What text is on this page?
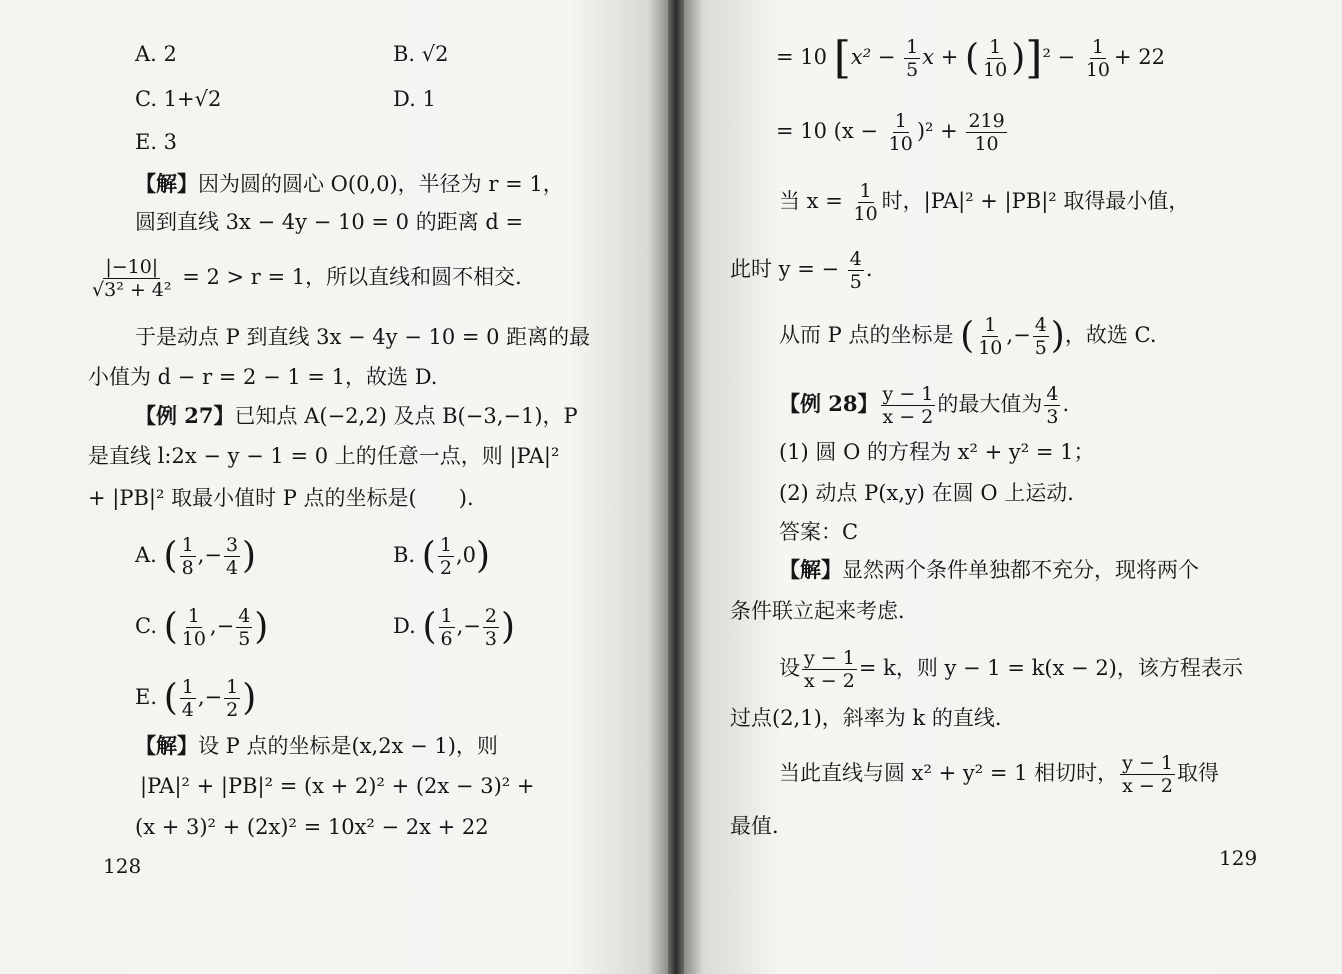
A. 2	B. √2
C. 1+√2	D. 1
E. 3
【解】因为圆的圆心 O(0,0)，半径为 r = 1，
圆到直线 3x − 4y − 10 = 0 的距离 d =
$\frac{|-10|}{\text{√3² + 4²}} = 2 > r = 1$，所以直线和圆不相交．
于是动点 P 到直线 3x − 4y − 10 = 0 距离的最
小值为 d − r = 2 − 1 = 1，故选 D.
【例 27】已知点 A(−2,2) 及点 B(−3,−1)，P
是直线 l:2x − y − 1 = 0 上的任意一点，则 |PA|²
+ |PB|² 取最小值时 P 点的坐标是(　　).
A. ( $\frac{1}{8}$ ,− $\frac{3}{4}$ )	B. ( $\frac{1}{2} ,0$)
C. ( $\frac{1}{10}$ ,− $\frac{4}{5}$ )	D. ( $\frac{1}{6}$ ,− $\frac{2}{3}$ )
E. ( $\frac{1}{4}$ ,− $\frac{1}{2}$ )
【解】设 P 点的坐标是(x,2x − 1)，则
|PA|² + |PB|² = (x + 2)² + (2x − 3)² +
(x + 3)² + (2x)² = 10x² − 2x + 22
128
= 10 [$x^2 - \frac{1}{5}$ x + ( $\frac{1}{10} )]^2 - \frac{1}{10} + 22$
= 10 $(x - \frac{1}{10} )^2 + \frac{219}{10}$
当 $x = \frac{1}{10}$ 时，|PA|² + |PB|² 取得最小值，
此时 y = − $\frac{4}{5}$ .
从而 P 点的坐标是 ( $\frac{1}{10}$ ,− $\frac{4}{5}$ )，故选 C.
【例 28】 $\frac{y - 1}{x - 2}$ 的最大值为 $\frac{4}{3}$ .
(1) 圆 O 的方程为 x² + y² = 1；
(2) 动点 P(x,y) 在圆 O 上运动．
答案：C
【解】显然两个条件单独都不充分，现将两个
条件联立起来考虑．
设 $\frac{y - 1}{x - 2} = k$，则 y − 1 = k(x − 2)，该方程表示
过点(2,1)，斜率为 k 的直线．
当此直线与圆 x² + y² = 1 相切时， $\frac{y - 1}{x - 2}$ 取得
最值．
129
